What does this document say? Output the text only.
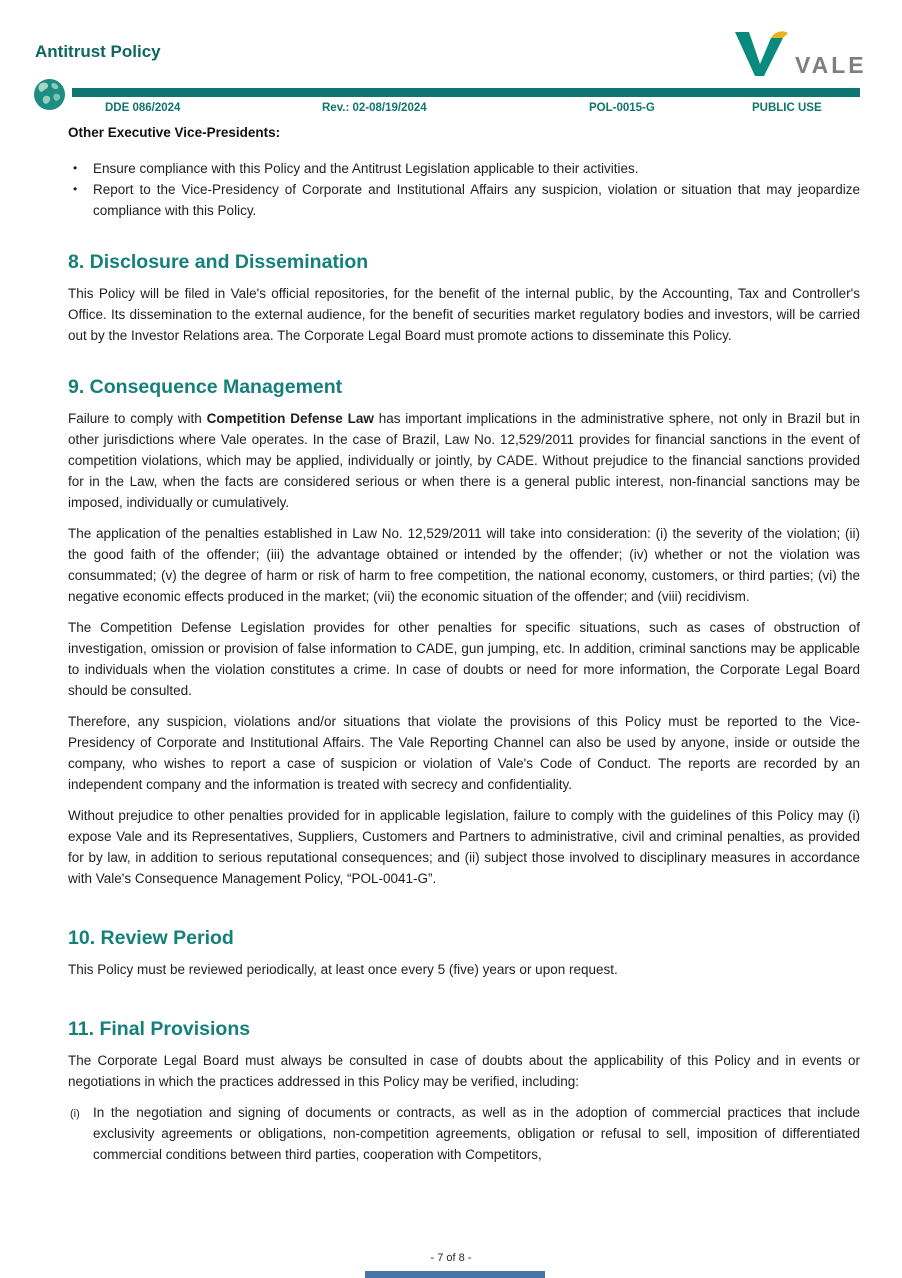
Antitrust Policy
VALE
DDE 086/2024	Rev.: 02-08/19/2024	POL-0015-G	PUBLIC USE
Other Executive Vice-Presidents:
• Ensure compliance with this Policy and the Antitrust Legislation applicable to their activities.
• Report to the Vice-Presidency of Corporate and Institutional Affairs any suspicion, violation or situation that may jeopardize compliance with this Policy.
8. Disclosure and Dissemination

This Policy will be filed in Vale's official repositories, for the benefit of the internal public, by the Accounting, Tax and Controller's Office. Its dissemination to the external audience, for the benefit of securities market regulatory bodies and investors, will be carried out by the Investor Relations area. The Corporate Legal Board must promote actions to disseminate this Policy.

9. Consequence Management

Failure to comply with Competition Defense Law has important implications in the administrative sphere, not only in Brazil but in other jurisdictions where Vale operates. In the case of Brazil, Law No. 12,529/2011 provides for financial sanctions in the event of competition violations, which may be applied, individually or jointly, by CADE. Without prejudice to the financial sanctions provided for in the Law, when the facts are considered serious or when there is a general public interest, non-financial sanctions may be imposed, individually or cumulatively.

The application of the penalties established in Law No. 12,529/2011 will take into consideration: (i) the severity of the violation; (ii) the good faith of the offender; (iii) the advantage obtained or intended by the offender; (iv) whether or not the violation was consummated; (v) the degree of harm or risk of harm to free competition, the national economy, customers, or third parties; (vi) the negative economic effects produced in the market; (vii) the economic situation of the offender; and (viii) recidivism.

The Competition Defense Legislation provides for other penalties for specific situations, such as cases of obstruction of investigation, omission or provision of false information to CADE, gun jumping, etc. In addition, criminal sanctions may be applicable to individuals when the violation constitutes a crime. In case of doubts or need for more information, the Corporate Legal Board should be consulted.

Therefore, any suspicion, violations and/or situations that violate the provisions of this Policy must be reported to the Vice-Presidency of Corporate and Institutional Affairs. The Vale Reporting Channel can also be used by anyone, inside or outside the company, who wishes to report a case of suspicion or violation of Vale's Code of Conduct. The reports are recorded by an independent company and the information is treated with secrecy and confidentiality.

Without prejudice to other penalties provided for in applicable legislation, failure to comply with the guidelines of this Policy may (i) expose Vale and its Representatives, Suppliers, Customers and Partners to administrative, civil and criminal penalties, as provided for by law, in addition to serious reputational consequences; and (ii) subject those involved to disciplinary measures in accordance with Vale's Consequence Management Policy, “POL-0041-G”.

10. Review Period

This Policy must be reviewed periodically, at least once every 5 (five) years or upon request.

11. Final Provisions

The Corporate Legal Board must always be consulted in case of doubts about the applicability of this Policy and in events or negotiations in which the practices addressed in this Policy may be verified, including:

(i) In the negotiation and signing of documents or contracts, as well as in the adoption of commercial practices that include exclusivity agreements or obligations, non-competition agreements, obligation or refusal to sell, imposition of differentiated commercial conditions between third parties, cooperation with Competitors,
- 7 of 8 -
